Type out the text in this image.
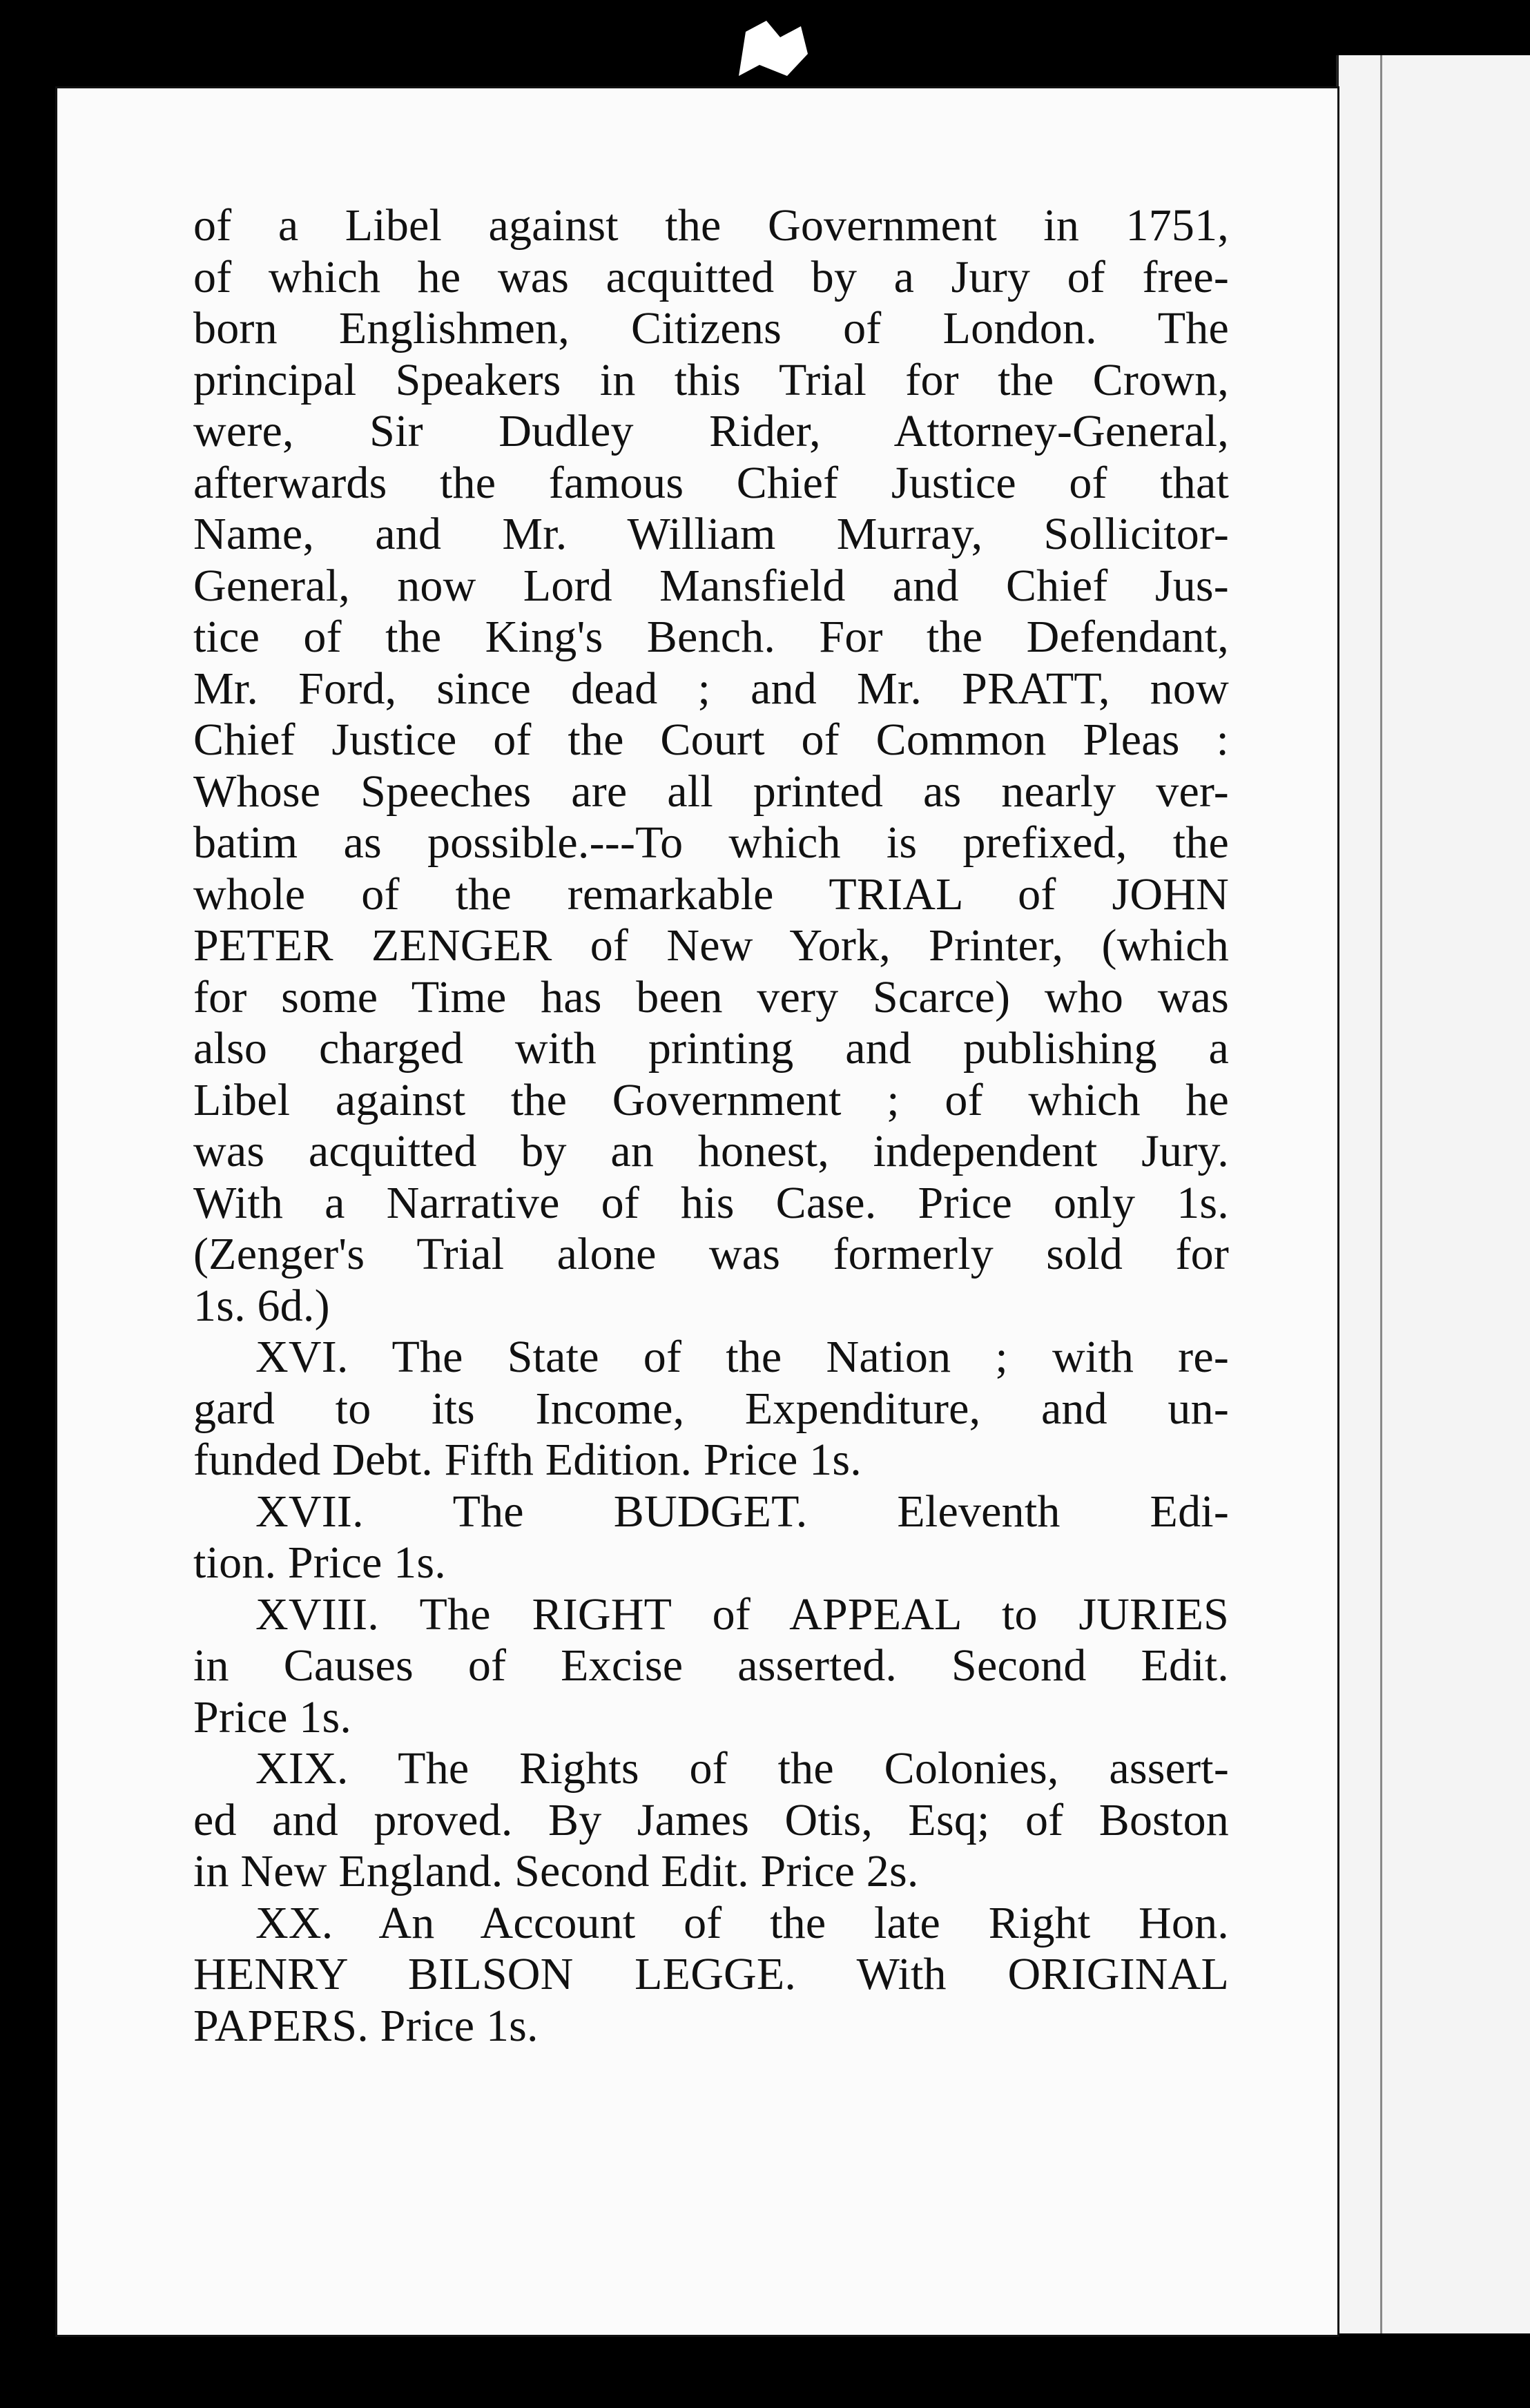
of a Libel against the Government in 1751,
of which he was acquitted by a Jury of free-
born Englishmen, Citizens of London. The
principal Speakers in this Trial for the Crown,
were, Sir Dudley Rider, Attorney-General,
afterwards the famous Chief Justice of that
Name, and Mr. William Murray, Sollicitor-
General, now Lord Mansfield and Chief Jus-
tice of the King's Bench. For the Defendant,
Mr. Ford, since dead ; and Mr. PRATT, now
Chief Justice of the Court of Common Pleas :
Whose Speeches are all printed as nearly ver-
batim as possible.---To which is prefixed, the
whole of the remarkable TRIAL of JOHN
PETER ZENGER of New York, Printer, (which
for some Time has been very Scarce) who was
also charged with printing and publishing a
Libel against the Government ; of which he
was acquitted by an honest, independent Jury.
With a Narrative of his Case. Price only 1s.
(Zenger's Trial alone was formerly sold for
1s. 6d.)
XVI. The State of the Nation ; with re-
gard to its Income, Expenditure, and un-
funded Debt. Fifth Edition. Price 1s.
XVII. The BUDGET. Eleventh Edi-
tion. Price 1s.
XVIII. The RIGHT of APPEAL to JURIES
in Causes of Excise asserted. Second Edit.
Price 1s.
XIX. The Rights of the Colonies, assert-
ed and proved. By James Otis, Esq; of Boston
in New England. Second Edit. Price 2s.
XX. An Account of the late Right Hon.
HENRY BILSON LEGGE. With ORIGINAL
PAPERS. Price 1s.
